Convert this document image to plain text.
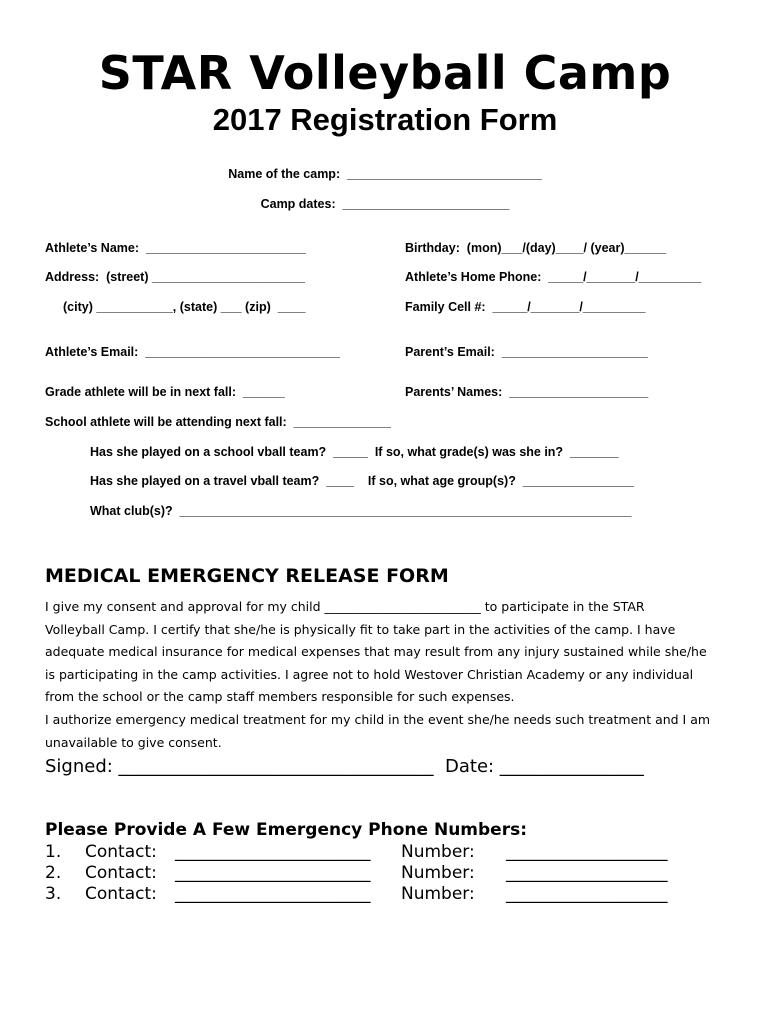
STAR Volleyball Camp
2017 Registration Form
Name of the camp:  ____________________________
Camp dates:  ________________________
Athlete’s Name:  _______________________	Birthday:  (mon)___/(day)____/ (year)______
Address:  (street) ______________________	Athlete’s Home Phone:  _____/_______/_________
(city) ___________, (state) ___ (zip)  ____	Family Cell #:  _____/_______/_________
Athlete’s Email:  ____________________________	Parent’s Email:  _____________________
Grade athlete will be in next fall:  ______	Parents’ Names:  ____________________
School athlete will be attending next fall:  ______________
Has she played on a school vball team?  _____  If so, what grade(s) was she in?  _______
Has she played on a travel vball team?  ____    If so, what age group(s)?  ________________
What club(s)?  _________________________________________________________________
MEDICAL EMERGENCY RELEASE FORM
I give my consent and approval for my child _________________________ to participate in the STAR
Volleyball Camp. I certify that she/he is physically fit to take part in the activities of the camp. I have
adequate medical insurance for medical expenses that may result from any injury sustained while she/he
is participating in the camp activities. I agree not to hold Westover Christian Academy or any individual
from the school or the camp staff members responsible for such expenses.
I authorize emergency medical treatment for my child in the event she/he needs such treatment and I am
unavailable to give consent.
Signed: ___________________________________  Date: ________________
Please Provide A Few Emergency Phone Numbers:
1. Contact: _______________________ Number: ___________________
2. Contact: _______________________ Number: ___________________
3. Contact: _______________________ Number: ___________________
